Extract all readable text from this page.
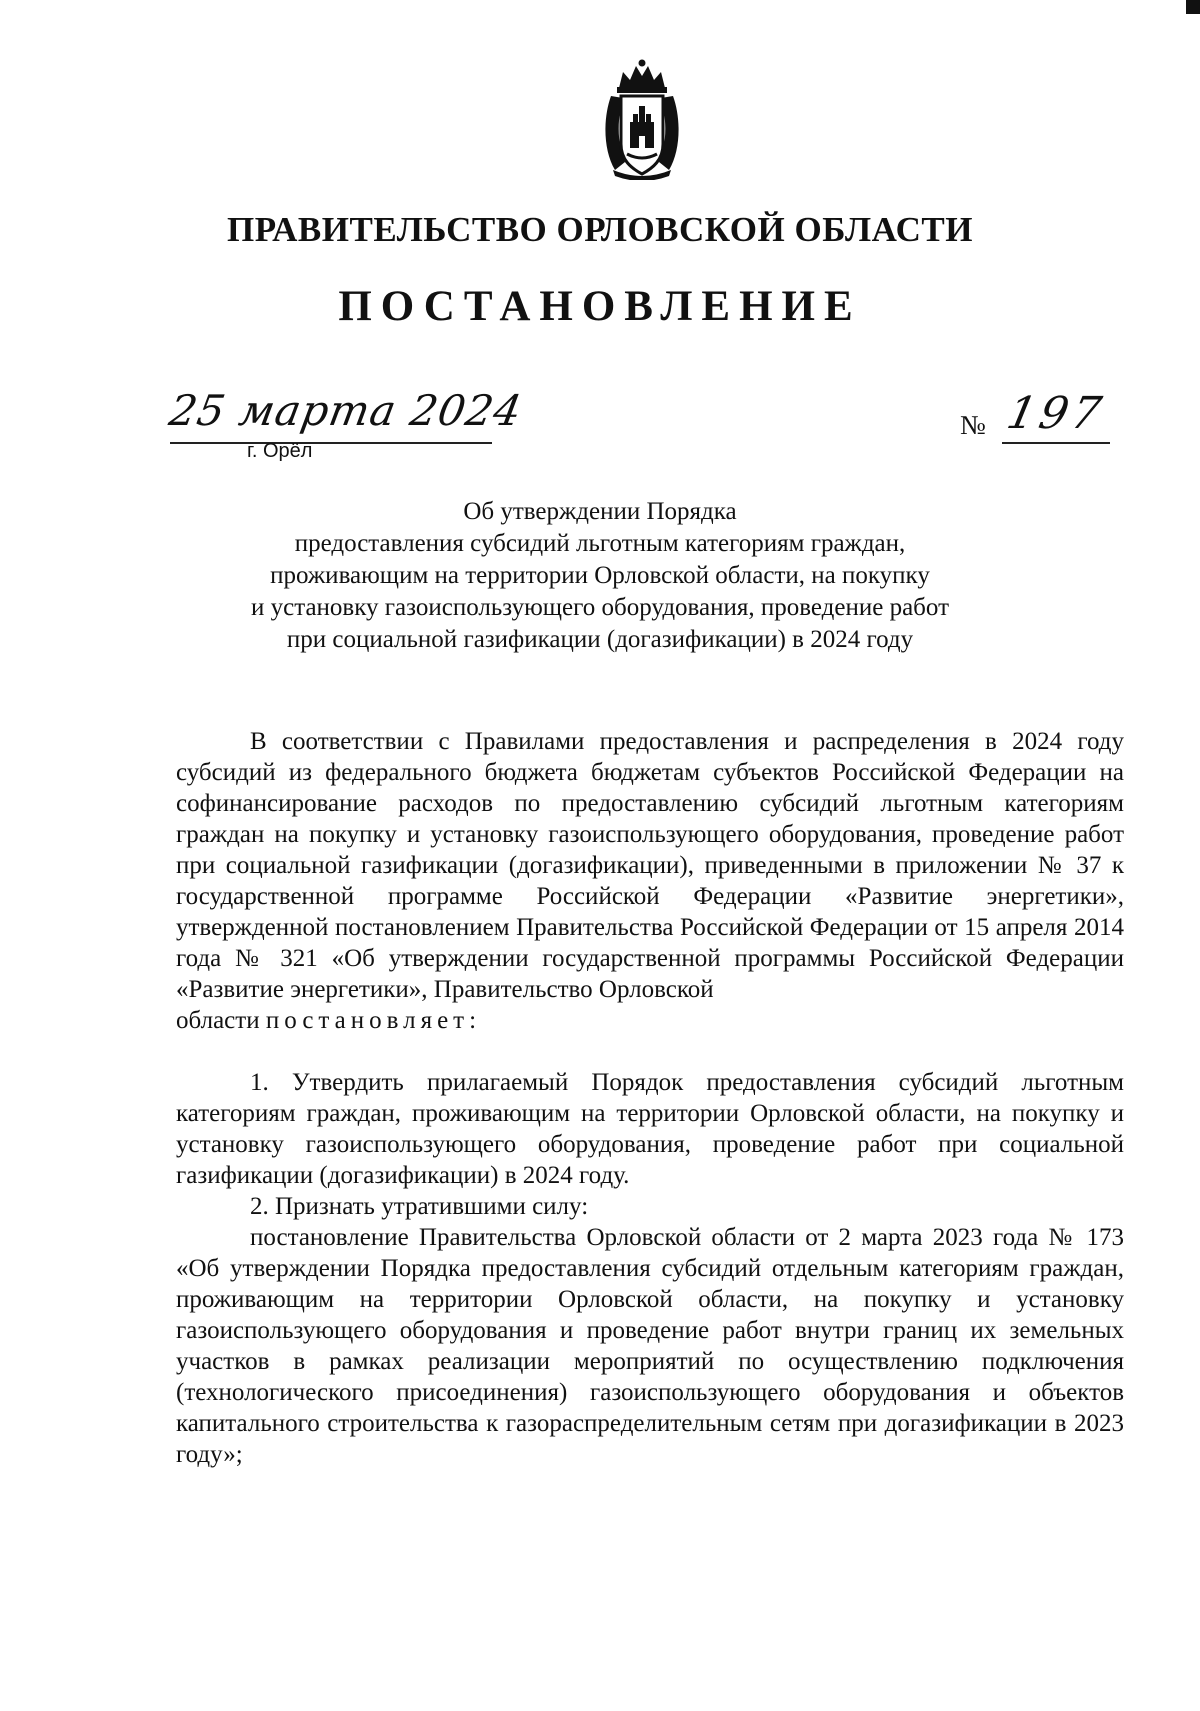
ПРАВИТЕЛЬСТВО ОРЛОВСКОЙ ОБЛАСТИ
ПОСТАНОВЛЕНИЕ
25 марта 2024
г. Орёл
№ 197
Об утверждении Порядка
предоставления субсидий льготным категориям граждан,
проживающим на территории Орловской области, на покупку
и установку газоиспользующего оборудования, проведение работ
при социальной газификации (догазификации) в 2024 году
В соответствии с Правилами предоставления и распределения в 2024 году субсидий из федерального бюджета бюджетам субъектов Российской Федерации на софинансирование расходов по предоставлению субсидий льготным категориям граждан на покупку и установку газоиспользующего оборудования, проведение работ при социальной газификации (догазификации), приведенными в приложении № 37 к государственной программе Российской Федерации «Развитие энергетики», утвержденной постановлением Правительства Российской Федерации от 15 апреля 2014 года № 321 «Об утверждении государственной программы Российской Федерации «Развитие энергетики», Правительство Орловской
области постановляет:
1. Утвердить прилагаемый Порядок предоставления субсидий льготным категориям граждан, проживающим на территории Орловской области, на покупку и установку газоиспользующего оборудования, проведение работ при социальной газификации (догазификации) в 2024 году.
2. Признать утратившими силу:
постановление Правительства Орловской области от 2 марта 2023 года № 173 «Об утверждении Порядка предоставления субсидий отдельным категориям граждан, проживающим на территории Орловской области, на покупку и установку газоиспользующего оборудования и проведение работ внутри границ их земельных участков в рамках реализации мероприятий по осуществлению подключения (технологического присоединения) газоиспользующего оборудования и объектов капитального строительства к газораспределительным сетям при догазификации в 2023 году»;
